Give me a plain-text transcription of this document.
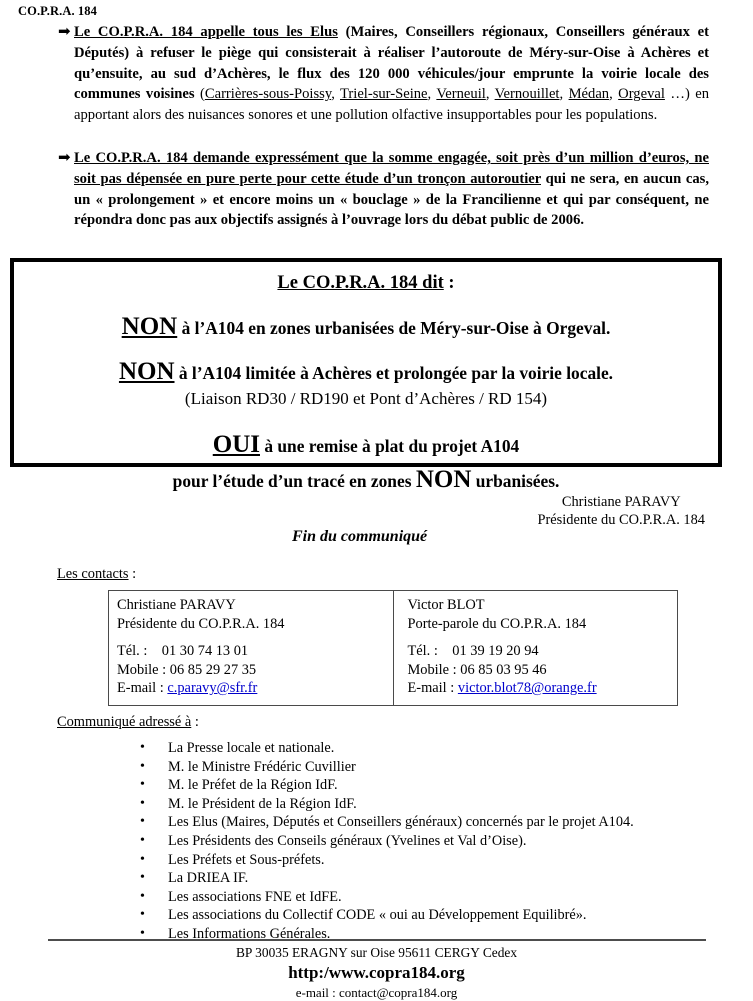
CO.P.R.A. 184
➡ Le CO.P.R.A. 184 appelle tous les Elus (Maires, Conseillers régionaux, Conseillers généraux et Députés) à refuser le piège qui consisterait à réaliser l’autoroute de Méry-sur-Oise à Achères et qu’ensuite, au sud d’Achères, le flux des 120 000 véhicules/jour emprunte la voirie locale des communes voisines (Carrières-sous-Poissy, Triel-sur-Seine, Verneuil, Vernouillet, Médan, Orgeval …) en apportant alors des nuisances sonores et une pollution olfactive insupportables pour les populations.
➡ Le CO.P.R.A. 184 demande expressément que la somme engagée, soit près d’un million d’euros, ne soit pas dépensée en pure perte pour cette étude d’un tronçon autoroutier qui ne sera, en aucun cas, un « prolongement » et encore moins un « bouclage » de la Francilienne et qui par conséquent, ne répondra donc pas aux objectifs assignés à l’ouvrage lors du débat public de 2006.
Le CO.P.R.A. 184 dit :
NON à l’A104 en zones urbanisées de Méry-sur-Oise à Orgeval.
NON à l’A104 limitée à Achères et prolongée par la voirie locale.
(Liaison RD30 / RD190 et Pont d’Achères / RD 154)
OUI à une remise à plat du projet A104
pour l’étude d’un tracé en zones NON urbanisées.
Christiane PARAVY
Présidente du CO.P.R.A. 184
Fin du communiqué
Les contacts :
Christiane PARAVY
Présidente du CO.P.R.A. 184
Tél. : 01 30 74 13 01
Mobile : 06 85 29 27 35
E-mail : c.paravy@sfr.fr

Victor BLOT
Porte-parole du CO.P.R.A. 184
Tél. : 01 39 19 20 94
Mobile : 06 85 03 95 46
E-mail : victor.blot78@orange.fr
Communiqué adressé à :
• La Presse locale et nationale.
• M. le Ministre Frédéric Cuvillier
• M. le Préfet de la Région IdF.
• M. le Président de la Région IdF.
• Les Elus (Maires, Députés et Conseillers généraux) concernés par le projet A104.
• Les Présidents des Conseils généraux (Yvelines et Val d’Oise).
• Les Préfets et Sous-préfets.
• La DRIEA IF.
• Les associations FNE et IdFE.
• Les associations du Collectif CODE « oui au Développement Equilibré».
• Les Informations Générales.
BP 30035 ERAGNY sur Oise 95611 CERGY Cedex
http:/www.copra184.org
e-mail : contact@copra184.org
